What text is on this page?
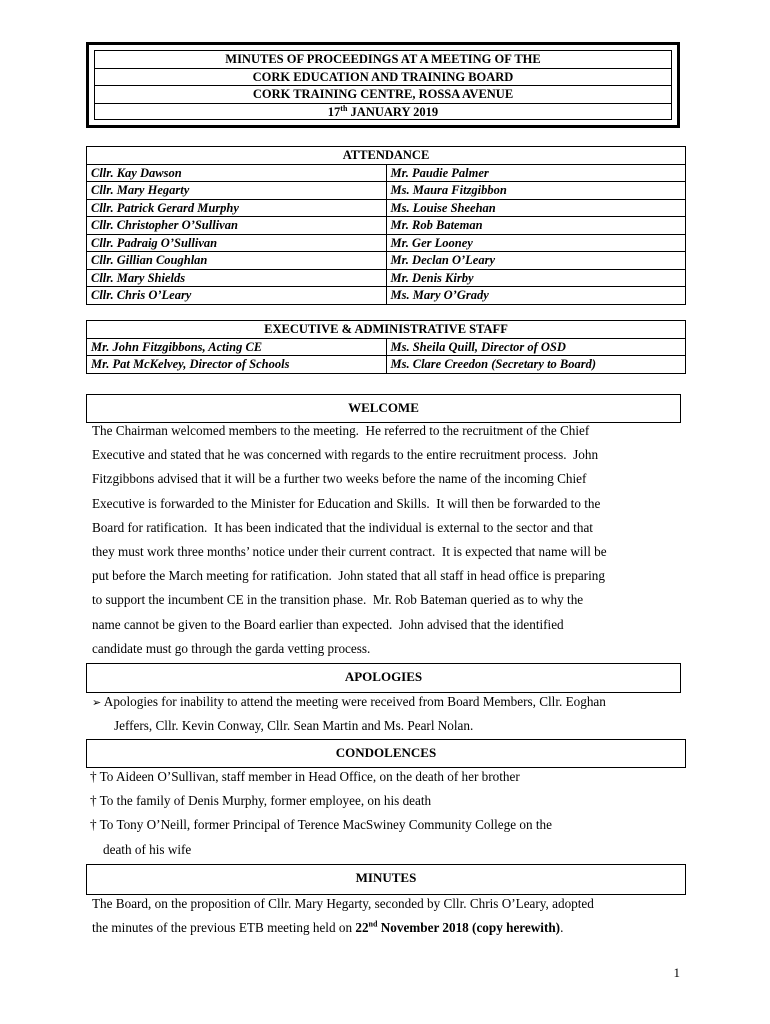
MINUTES OF PROCEEDINGS AT A MEETING OF THE
CORK EDUCATION AND TRAINING BOARD
CORK TRAINING CENTRE, ROSSA AVENUE
17th JANUARY 2019
ATTENDANCE	
Cllr. Kay Dawson	Mr. Paudie Palmer
Cllr. Mary Hegarty	Ms. Maura Fitzgibbon
Cllr. Patrick Gerard Murphy	Ms. Louise Sheehan
Cllr. Christopher O’Sullivan	Mr. Rob Bateman
Cllr. Padraig O’Sullivan	Mr. Ger Looney
Cllr. Gillian Coughlan	Mr. Declan O’Leary
Cllr. Mary Shields	Mr. Denis Kirby
Cllr. Chris O’Leary	Ms. Mary O’Grady
EXECUTIVE & ADMINISTRATIVE STAFF	
Mr. John Fitzgibbons, Acting CE	Ms. Sheila Quill, Director of OSD
Mr. Pat McKelvey, Director of Schools	Ms. Clare Creedon (Secretary to Board)
WELCOME
The Chairman welcomed members to the meeting.  He referred to the recruitment of the Chief
Executive and stated that he was concerned with regards to the entire recruitment process.  John
Fitzgibbons advised that it will be a further two weeks before the name of the incoming Chief
Executive is forwarded to the Minister for Education and Skills.  It will then be forwarded to the
Board for ratification.  It has been indicated that the individual is external to the sector and that
they must work three months’ notice under their current contract.  It is expected that name will be
put before the March meeting for ratification.  John stated that all staff in head office is preparing
to support the incumbent CE in the transition phase.  Mr. Rob Bateman queried as to why the
name cannot be given to the Board earlier than expected.  John advised that the identified
candidate must go through the garda vetting process.
APOLOGIES
➢ Apologies for inability to attend the meeting were received from Board Members, Cllr. Eoghan
Jeffers, Cllr. Kevin Conway, Cllr. Sean Martin and Ms. Pearl Nolan.
CONDOLENCES
† To Aideen O’Sullivan, staff member in Head Office, on the death of her brother
† To the family of Denis Murphy, former employee, on his death
† To Tony O’Neill, former Principal of Terence MacSwiney Community College on the
death of his wife
MINUTES
The Board, on the proposition of Cllr. Mary Hegarty, seconded by Cllr. Chris O’Leary, adopted
the minutes of the previous ETB meeting held on 22nd November 2018 (copy herewith).
1
